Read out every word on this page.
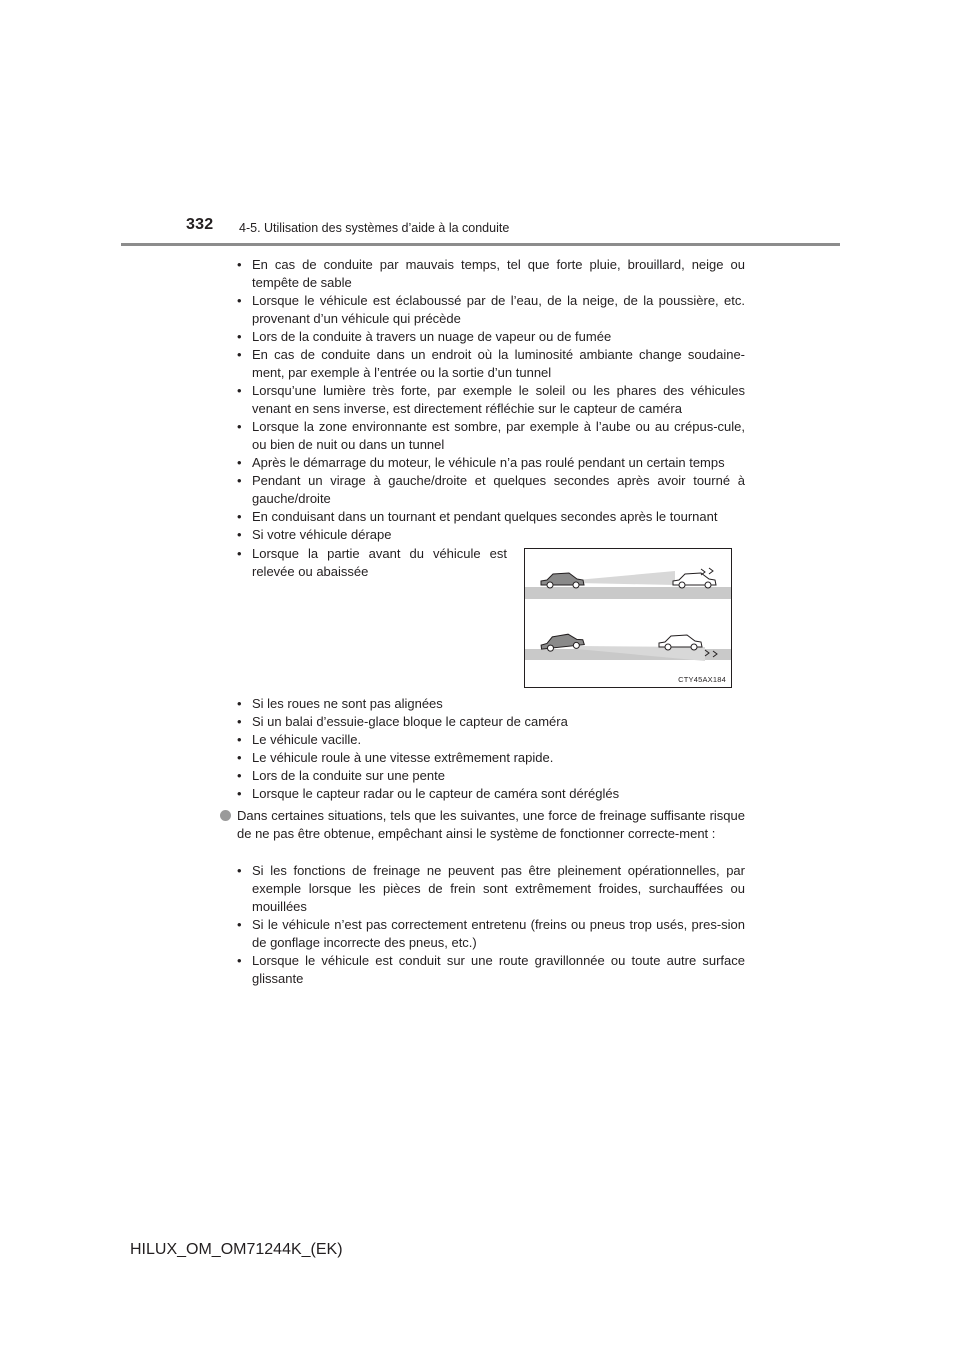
332 4-5. Utilisation des systèmes d’aide à la conduite
• En cas de conduite par mauvais temps, tel que forte pluie, brouillard, neige ou tempête de sable
• Lorsque le véhicule est éclaboussé par de l’eau, de la neige, de la poussière, etc. provenant d’un véhicule qui précède
• Lors de la conduite à travers un nuage de vapeur ou de fumée
• En cas de conduite dans un endroit où la luminosité ambiante change soudaine-ment, par exemple à l’entrée ou la sortie d’un tunnel
• Lorsqu’une lumière très forte, par exemple le soleil ou les phares des véhicules venant en sens inverse, est directement réfléchie sur le capteur de caméra
• Lorsque la zone environnante est sombre, par exemple à l’aube ou au crépus-cule, ou bien de nuit ou dans un tunnel
• Après le démarrage du moteur, le véhicule n’a pas roulé pendant un certain temps
• Pendant un virage à gauche/droite et quelques secondes après avoir tourné à gauche/droite
• En conduisant dans un tournant et pendant quelques secondes après le tournant
• Si votre véhicule dérape
• Lorsque la partie avant du véhicule est relevée ou abaissée
CTY45AX184
• Si les roues ne sont pas alignées
• Si un balai d’essuie-glace bloque le capteur de caméra
• Le véhicule vacille.
• Le véhicule roule à une vitesse extrêmement rapide.
• Lors de la conduite sur une pente
• Lorsque le capteur radar ou le capteur de caméra sont déréglés
Dans certaines situations, tels que les suivantes, une force de freinage suffisante risque de ne pas être obtenue, empêchant ainsi le système de fonctionner correcte-ment :
• Si les fonctions de freinage ne peuvent pas être pleinement opérationnelles, par exemple lorsque les pièces de frein sont extrêmement froides, surchauffées ou mouillées
• Si le véhicule n’est pas correctement entretenu (freins ou pneus trop usés, pres-sion de gonflage incorrecte des pneus, etc.)
• Lorsque le véhicule est conduit sur une route gravillonnée ou toute autre surface glissante
HILUX_OM_OM71244K_(EK)
